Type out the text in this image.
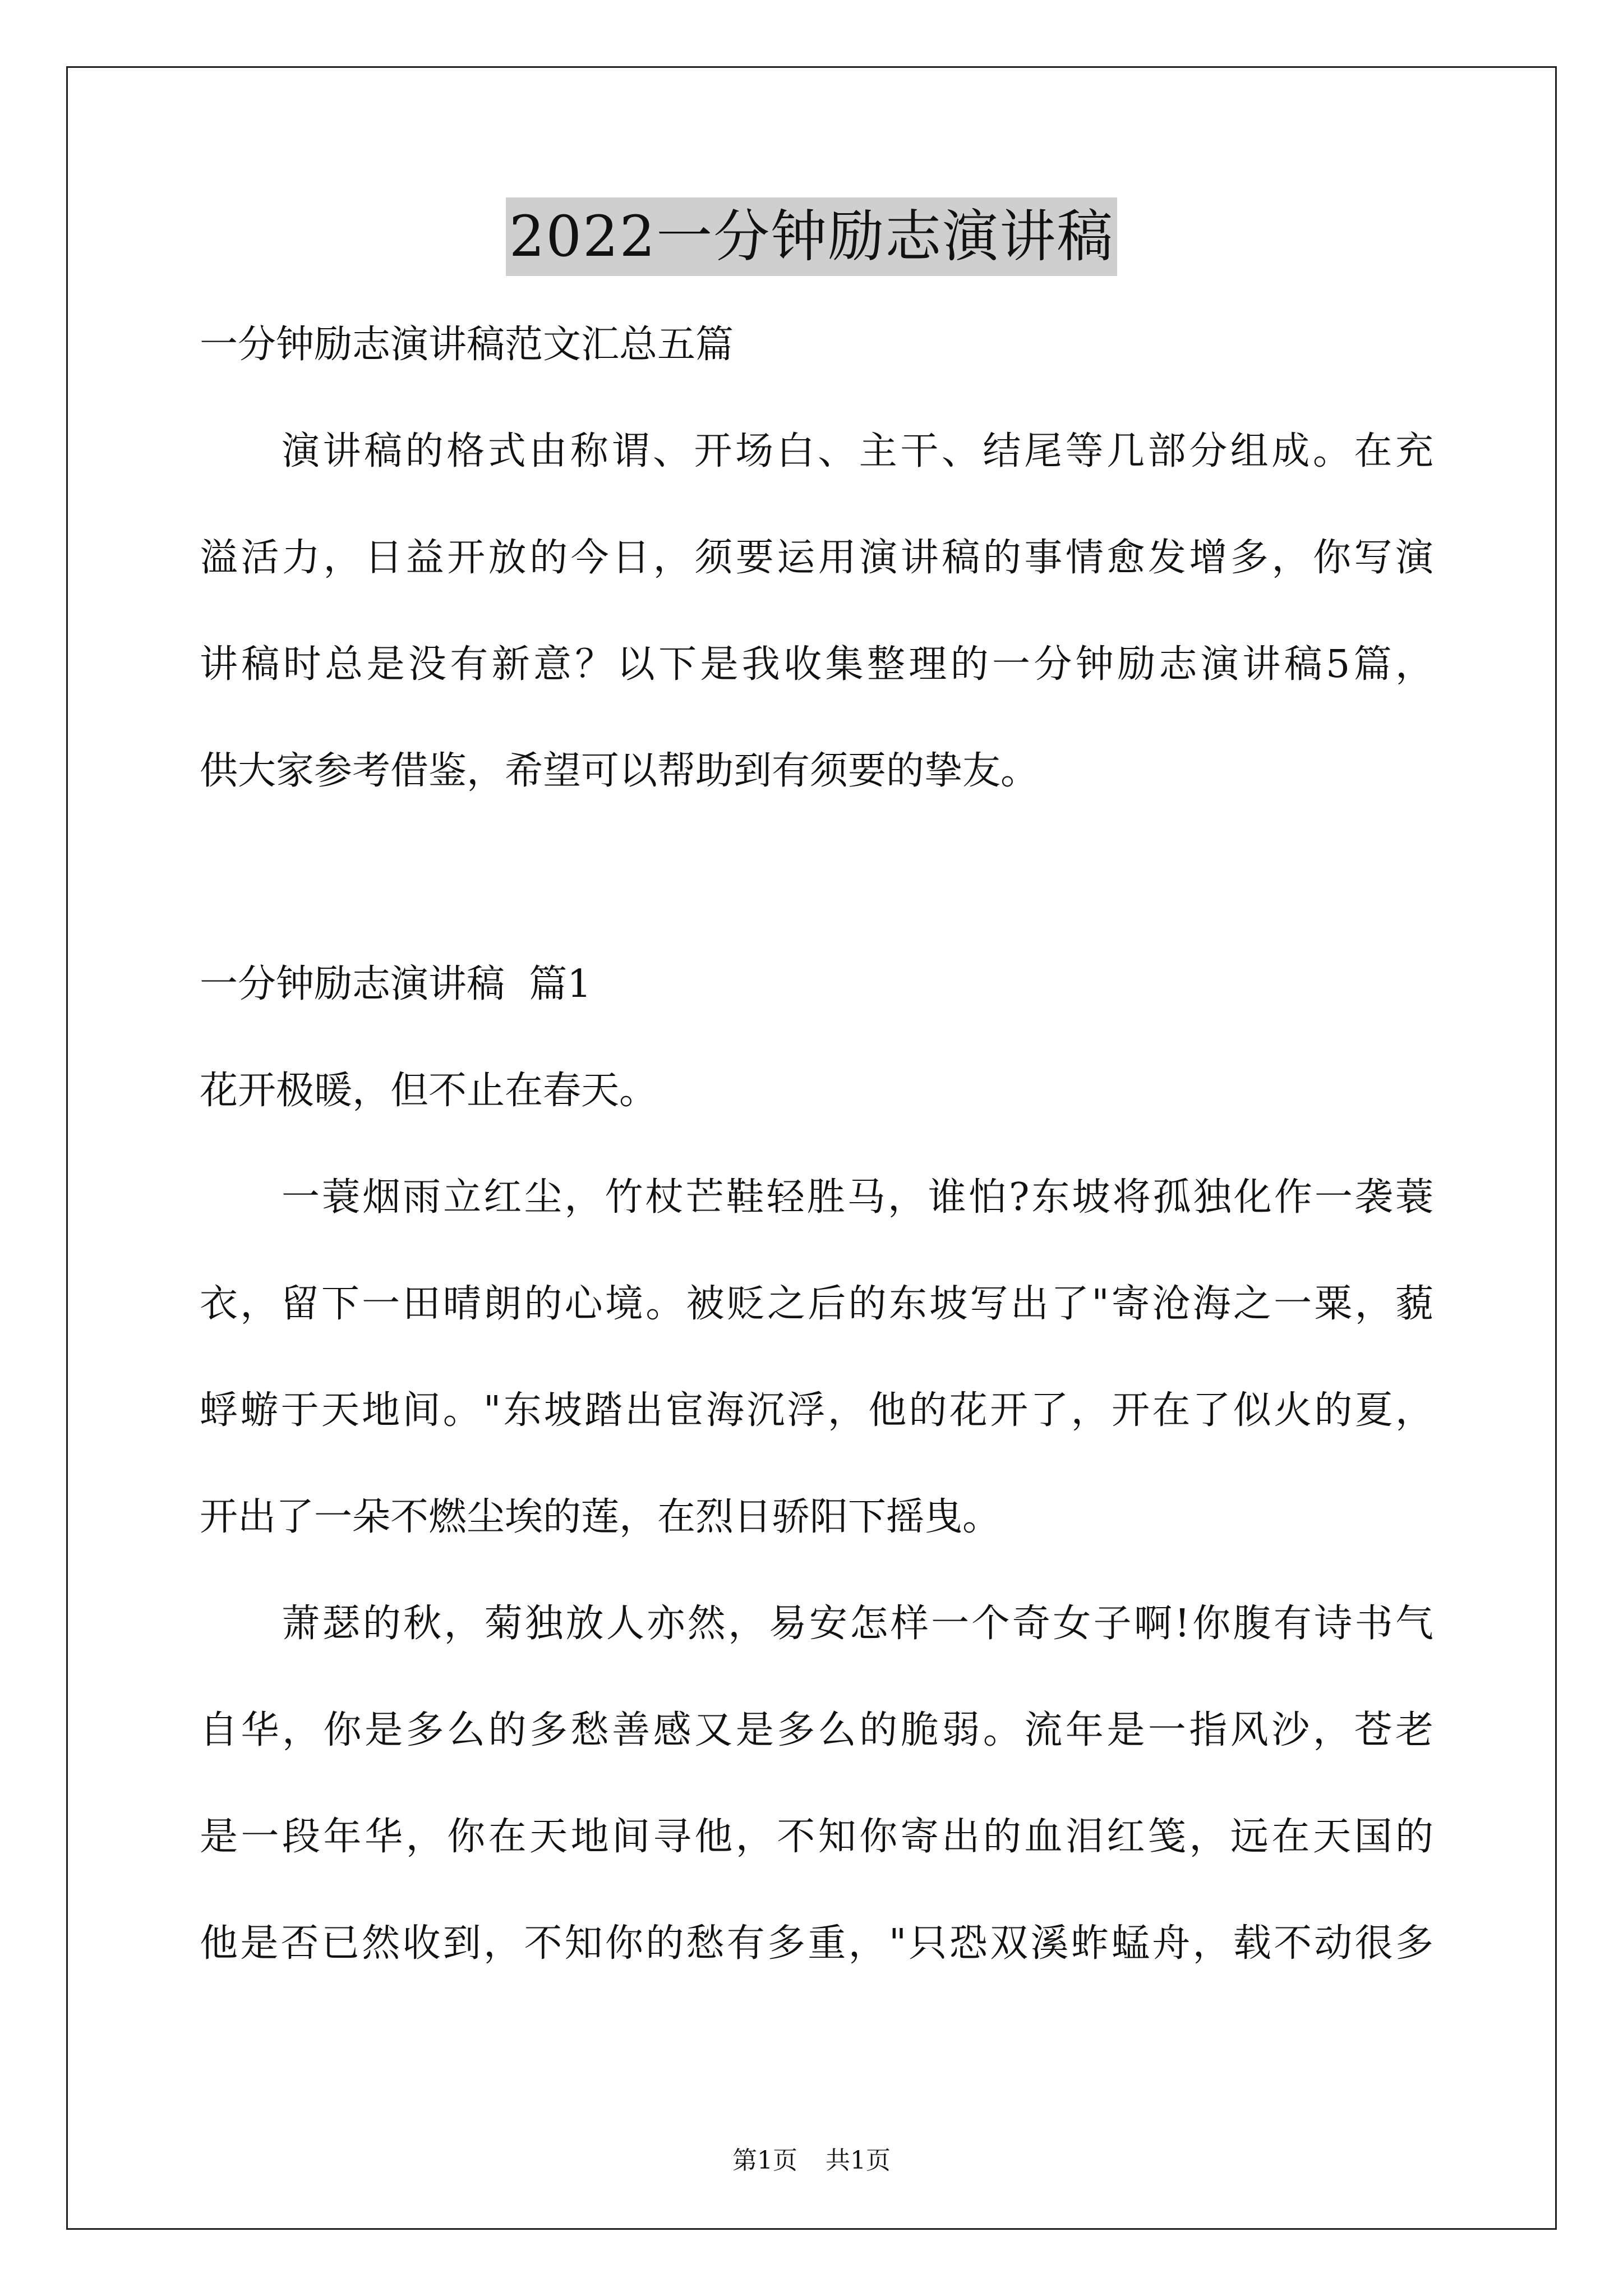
2022一分钟励志演讲稿

一分钟励志演讲稿范文汇总五篇

演讲稿的格式由称谓、开场白、主干、结尾等几部分组成。在充

溢活力，日益开放的今日，须要运用演讲稿的事情愈发增多，你写演

讲稿时总是没有新意？以下是我收集整理的一分钟励志演讲稿5篇，

供大家参考借鉴，希望可以帮助到有须要的挚友。

一分钟励志演讲稿  篇1

花开极暖，但不止在春天。

一蓑烟雨立红尘，竹杖芒鞋轻胜马，谁怕?东坡将孤独化作一袭蓑

衣，留下一田晴朗的心境。被贬之后的东坡写出了"寄沧海之一粟，藐

蜉蝣于天地间。"东坡踏出宦海沉浮，他的花开了，开在了似火的夏，

开出了一朵不燃尘埃的莲，在烈日骄阳下摇曳。

萧瑟的秋，菊独放人亦然，易安怎样一个奇女子啊!你腹有诗书气

自华，你是多么的多愁善感又是多么的脆弱。流年是一指风沙，苍老

是一段年华，你在天地间寻他，不知你寄出的血泪红笺，远在天国的

他是否已然收到，不知你的愁有多重，"只恐双溪蚱蜢舟，载不动很多

第1页 共1页
